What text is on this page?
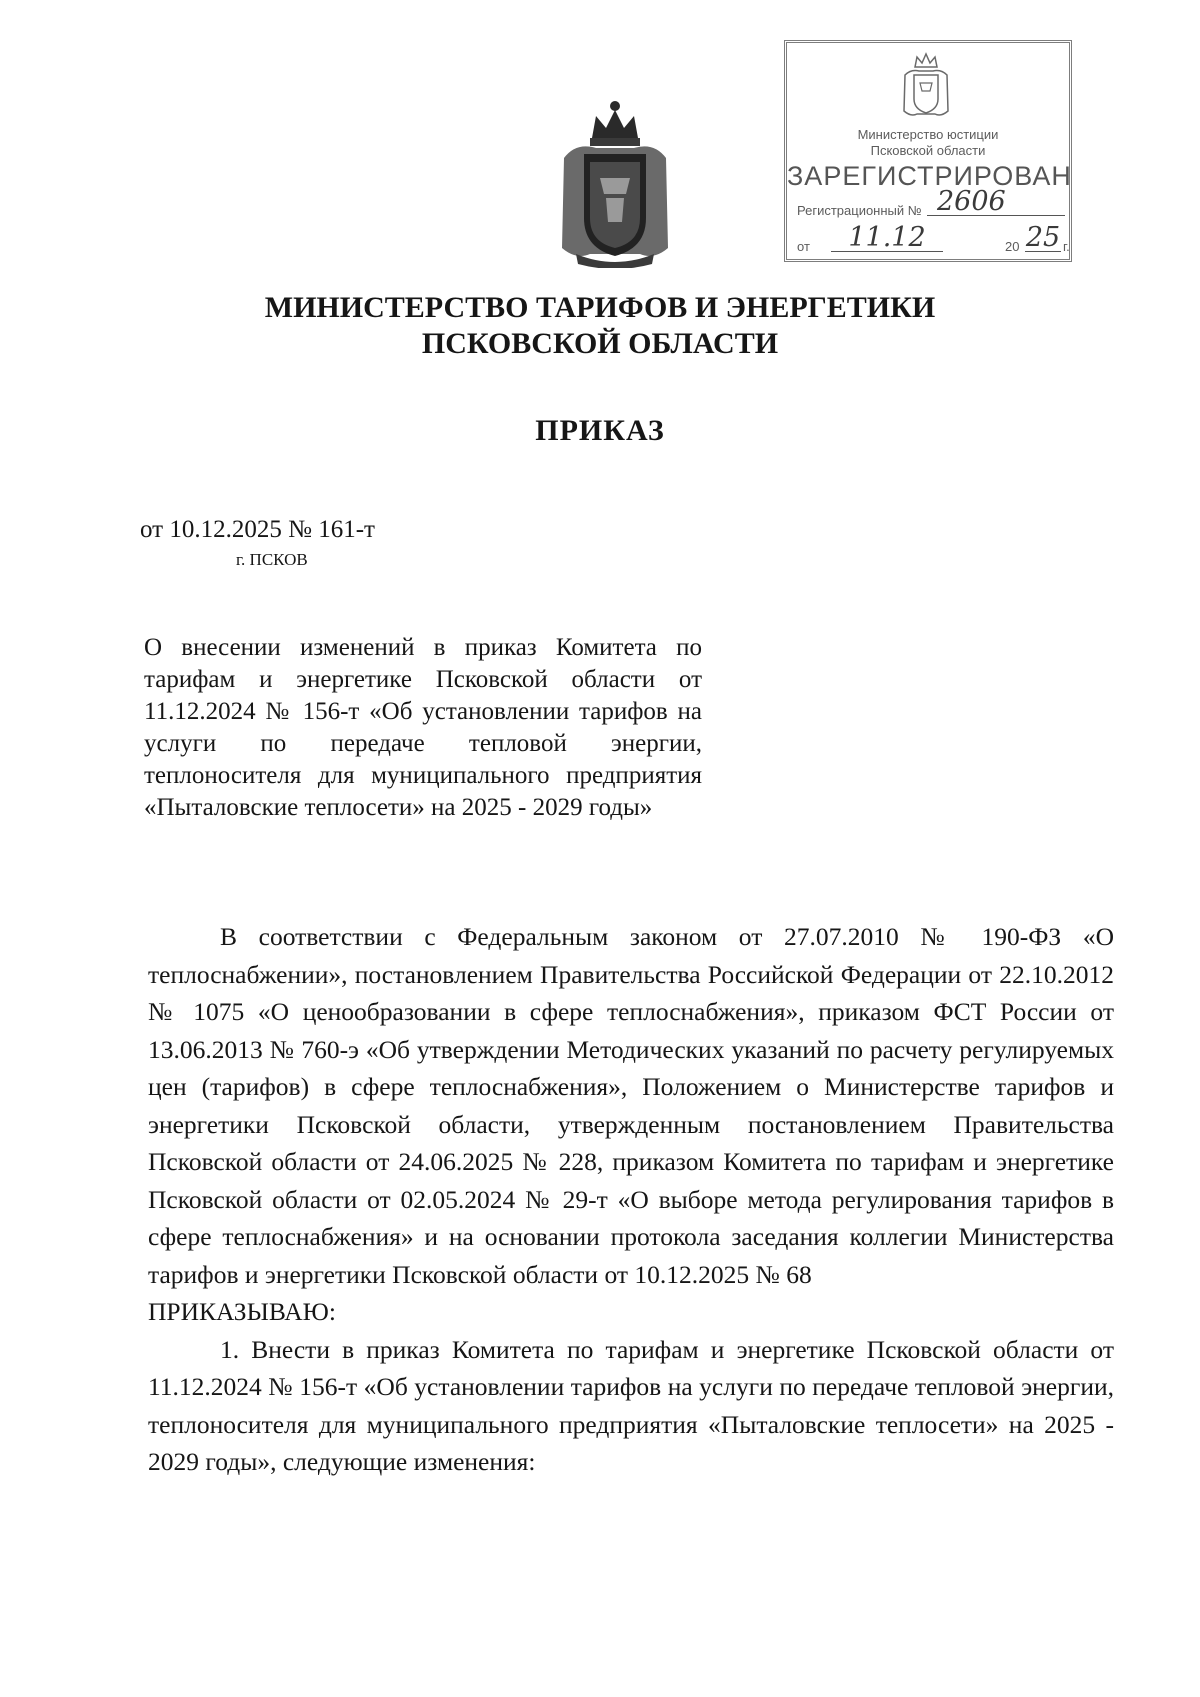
Министерство юстиции
Псковской области
ЗАРЕГИСТРИРОВАН
Регистрационный № 2606
от	11.12	20 25 г.
МИНИСТЕРСТВО ТАРИФОВ И ЭНЕРГЕТИКИ
ПСКОВСКОЙ ОБЛАСТИ
ПРИКАЗ
от 10.12.2025 № 161-т
г. ПСКОВ
О внесении изменений в приказ Комитета по тарифам и энергетике Псковской области от 11.12.2024 № 156-т «Об установлении тарифов на услуги по передаче тепловой энергии, теплоносителя для муниципального предприятия «Пыталовские теплосети» на 2025 - 2029 годы»

В соответствии с Федеральным законом от 27.07.2010 № 190-ФЗ «О теплоснабжении», постановлением Правительства Российской Федерации от 22.10.2012 № 1075 «О ценообразовании в сфере теплоснабжения», приказом ФСТ России от 13.06.2013 № 760-э «Об утверждении Методических указаний по расчету регулируемых цен (тарифов) в сфере теплоснабжения», Положением о Министерстве тарифов и энергетики Псковской области, утвержденным постановлением Правительства Псковской области от 24.06.2025 № 228, приказом Комитета по тарифам и энергетике Псковской области от 02.05.2024 № 29-т «О выборе метода регулирования тарифов в сфере теплоснабжения» и на основании протокола заседания коллегии Министерства тарифов и энергетики Псковской области от 10.12.2025 № 68

ПРИКАЗЫВАЮ:

1. Внести в приказ Комитета по тарифам и энергетике Псковской области от 11.12.2024 № 156-т «Об установлении тарифов на услуги по передаче тепловой энергии, теплоносителя для муниципального предприятия «Пыталовские теплосети» на 2025 - 2029 годы», следующие изменения:
